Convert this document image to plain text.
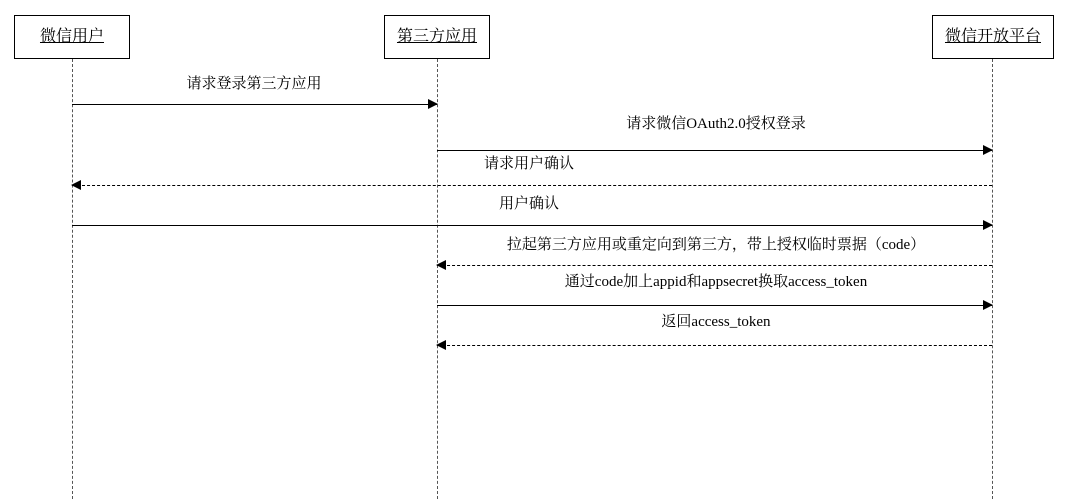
微信用户	第三方应用	微信开放平台
请求登录第三方应用
请求微信OAuth2.0授权登录
请求用户确认
用户确认
拉起第三方应用或重定向到第三方，带上授权临时票据（code）
通过code加上appid和appsecret换取access_token
返回access_token
